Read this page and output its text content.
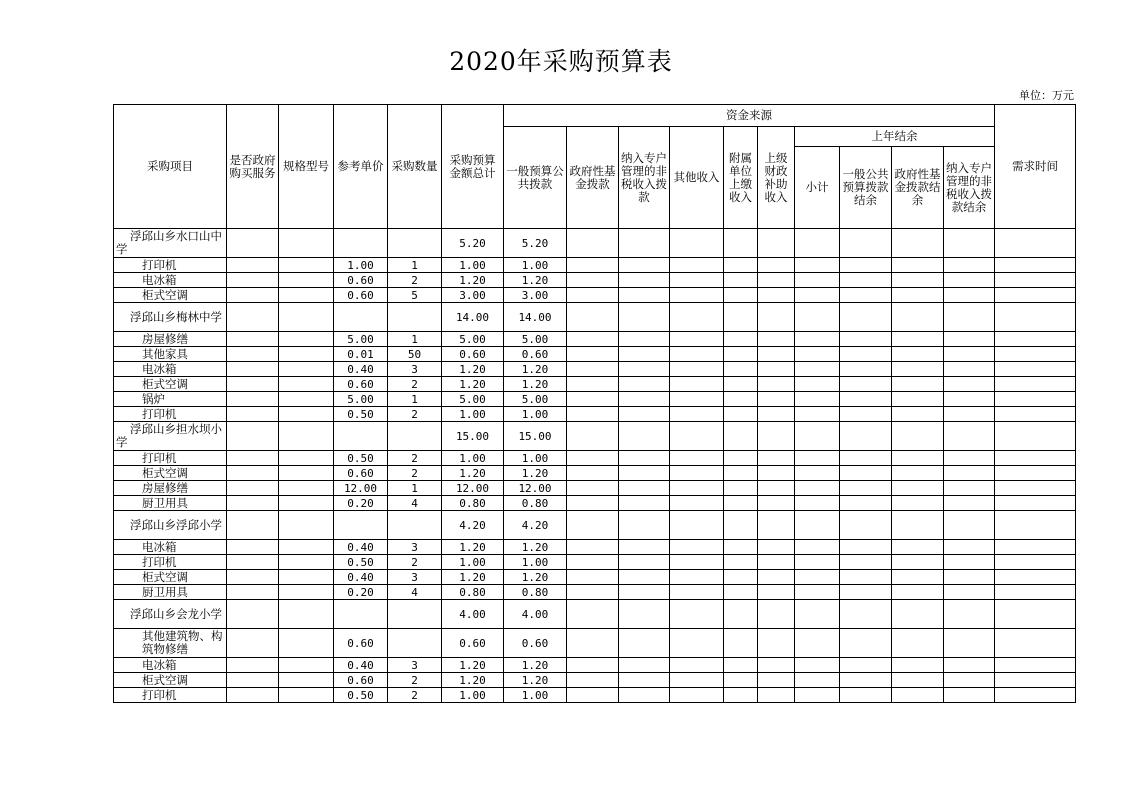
2020年采购预算表
单位：万元
采购项目	是否政府购买服务	规格型号	参考单价	采购数量	采购预算金额总计	资金来源										需求时间
						一般预算公共拨款	政府性基金拨款	纳入专户管理的非税收入拨款	其他收入	附属单位上缴收入	上级财政补助收入	上年结余				
												小计	一般公共预算拨款结余	政府性基金拨款结余	纳入专户管理的非税收入拨款结余	
浮邱山乡水口山中学					5.20	5.20										
打印机			1.00	1	1.00	1.00										
电冰箱			0.60	2	1.20	1.20										
柜式空调			0.60	5	3.00	3.00										
浮邱山乡梅林中学					14.00	14.00										
房屋修缮			5.00	1	5.00	5.00										
其他家具			0.01	50	0.60	0.60										
电冰箱			0.40	3	1.20	1.20										
柜式空调			0.60	2	1.20	1.20										
锅炉			5.00	1	5.00	5.00										
打印机			0.50	2	1.00	1.00										
浮邱山乡担水坝小学					15.00	15.00										
打印机			0.50	2	1.00	1.00										
柜式空调			0.60	2	1.20	1.20										
房屋修缮			12.00	1	12.00	12.00										
厨卫用具			0.20	4	0.80	0.80										
浮邱山乡浮邱小学					4.20	4.20										
电冰箱			0.40	3	1.20	1.20										
打印机			0.50	2	1.00	1.00										
柜式空调			0.40	3	1.20	1.20										
厨卫用具			0.20	4	0.80	0.80										
浮邱山乡会龙小学					4.00	4.00										
其他建筑物、构筑物修缮			0.60		0.60	0.60										
电冰箱			0.40	3	1.20	1.20										
柜式空调			0.60	2	1.20	1.20										
打印机			0.50	2	1.00	1.00										
